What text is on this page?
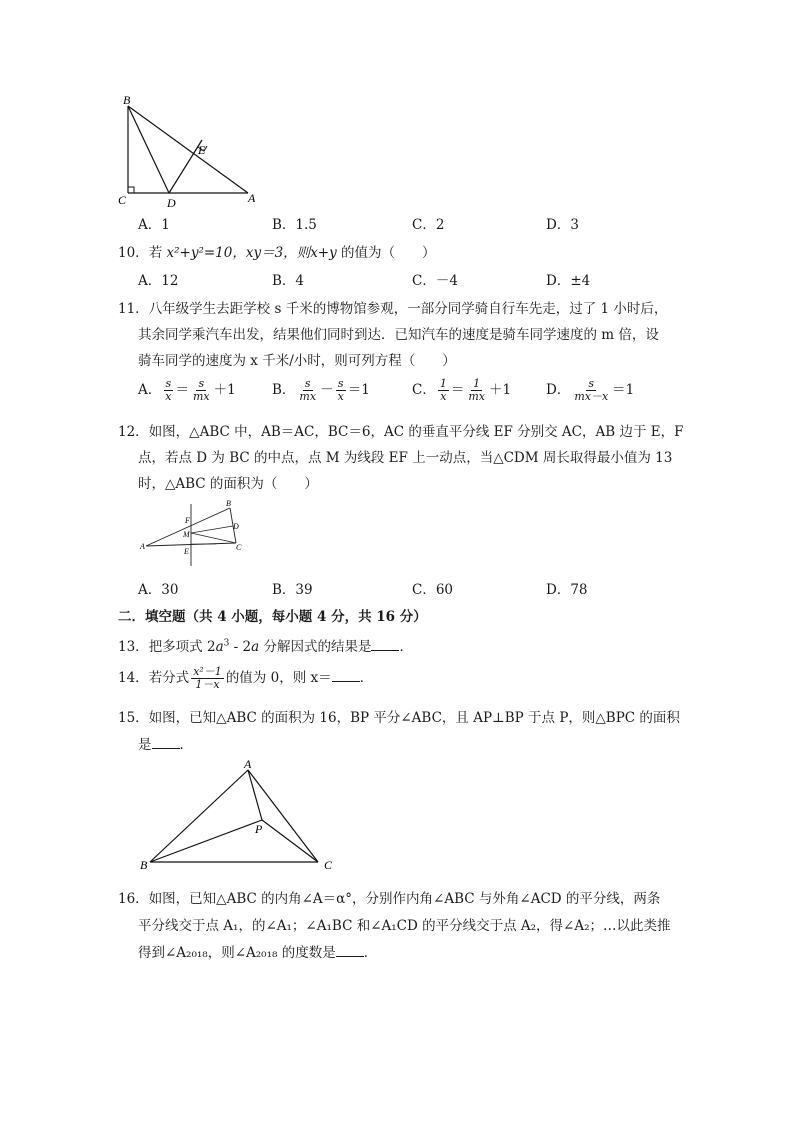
B
E
C	D	A
A．1	B．1.5	C．2	D．3
10．若 x²+y²=10，xy＝3，则x+y 的值为（　　）
A．12	B．4	C．－4	D．±4
11．八年级学生去距学校 s 千米的博物馆参观，一部分同学骑自行车先走，过了 1 小时后，
其余同学乘汽车出发，结果他们同时到达．已知汽车的速度是骑车同学速度的 m 倍，设
骑车同学的速度为 x 千米/小时，则可列方程（　　）
A． $\frac{s}{x} = \frac{s}{mx} +1$	B． $\frac{s}{mx} - \frac{s}{x} =1$	C． $\frac{1}{x} = \frac{1}{mx} +1$	D． $\frac{s}{mx-x} =1$
12．如图，△ABC 中，AB＝AC，BC＝6，AC 的垂直平分线 EF 分别交 AC，AB 边于 E，F
点，若点 D 为 BC 的中点，点 M 为线段 EF 上一动点，当△CDM 周长取得最小值为 13
时，△ABC 的面积为（　　）
B
F
D
M
A
E	C
A．30	B．39	C．60	D．78
二．填空题（共 4 小题，每小题 4 分，共 16 分）
13．把多项式 $2a^3 - 2a$ 分解因式的结果是 ．
14．若分式 $\frac{\text{x²－1}}{1-x}$ 的值为 0，则 x＝ ．
15．如图，已知△ABC 的面积为 16，BP 平分∠ABC，且 AP⊥BP 于点 P，则△BPC 的面积
是 ．
A
P
B	C
16．如图，已知△ABC 的内角∠A＝α°，分别作内角∠ABC 与外角∠ACD 的平分线，两条
平分线交于点 A₁，的∠A₁；∠A₁BC 和∠A₁CD 的平分线交于点 A₂，得∠A₂；…以此类推
得到∠A₂₀₁₈，则∠A₂₀₁₈ 的度数是 ．
